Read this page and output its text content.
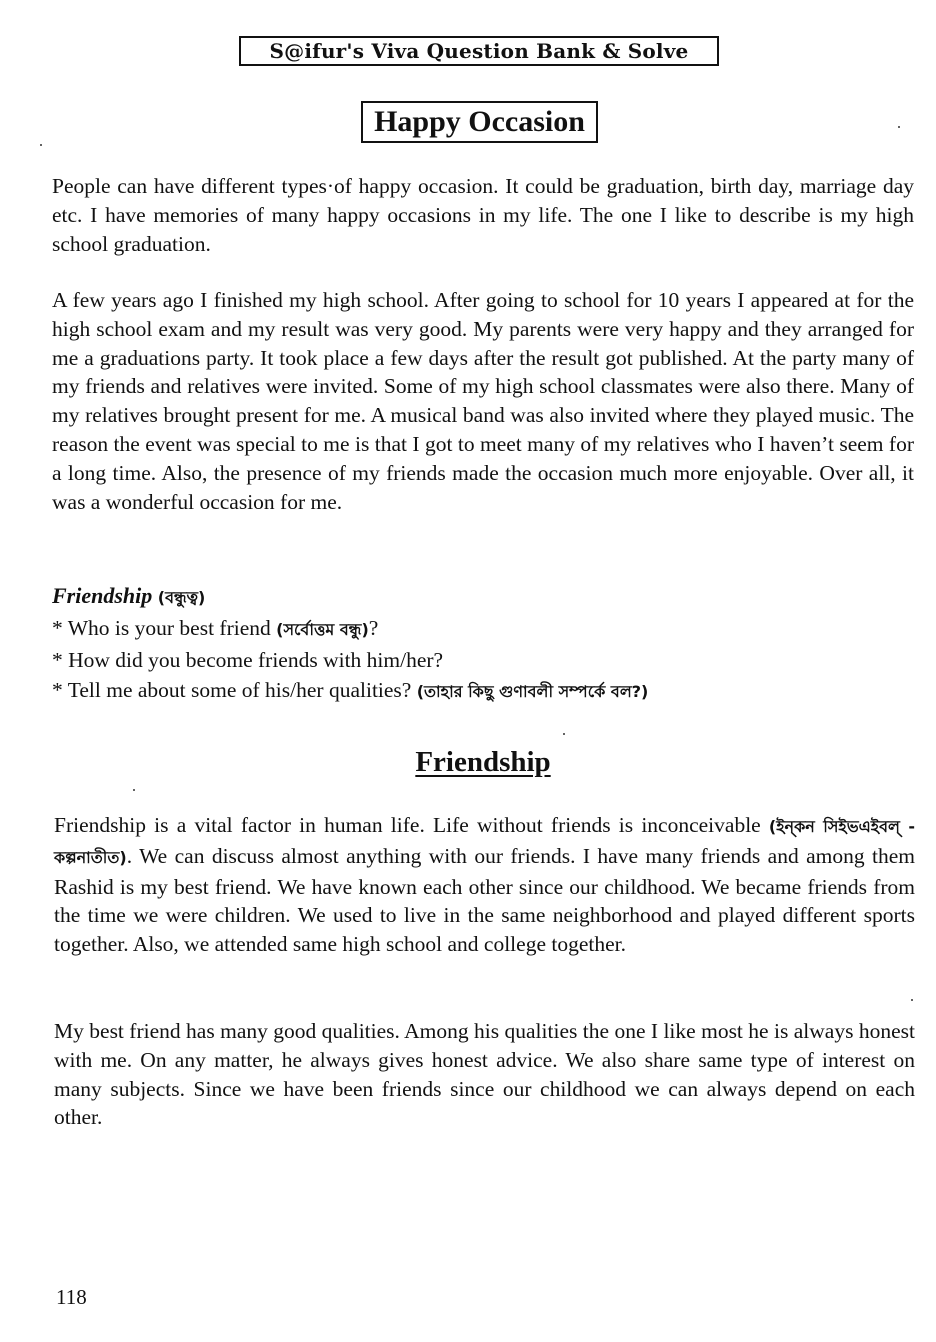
S@ifur's Viva Question Bank & Solve
Happy Occasion

People can have different types·of happy occasion. It could be graduation, birth day, marriage day etc. I have memories of many happy occasions in my life. The one I like to describe is my high school graduation.

A few years ago I finished my high school. After going to school for 10 years I appeared at for the high school exam and my result was very good. My parents were very happy and they arranged for me a graduations party. It took place a few days after the result got published. At the party many of my friends and relatives were invited. Some of my high school classmates were also there. Many of my relatives brought present for me. A musical band was also invited where they played music. The reason the event was special to me is that I got to meet many of my relatives who I haven’t seem for a long time. Also, the presence of my friends made the occasion much more enjoyable. Over all, it was a wonderful occasion for me.

Friendship (বন্ধুত্ব)
* Who is your best friend (সর্বোত্তম বন্ধু)?
* How did you become friends with him/her?
* Tell me about some of his/her qualities? (তাহার কিছু গুণাবলী সম্পর্কে বল?)
Friendship

Friendship is a vital factor in human life. Life without friends is inconceivable (ইন্কন সিইভএইবল্ - কল্পনাতীত). We can discuss almost anything with our friends. I have many friends and among them Rashid is my best friend. We have known each other since our childhood. We became friends from the time we were children. We used to live in the same neighborhood and played different sports together. Also, we attended same high school and college together.

My best friend has many good qualities. Among his qualities the one I like most he is always honest with me. On any matter, he always gives honest advice. We also share same type of interest on many subjects. Since we have been friends since our childhood we can always depend on each other.

118
